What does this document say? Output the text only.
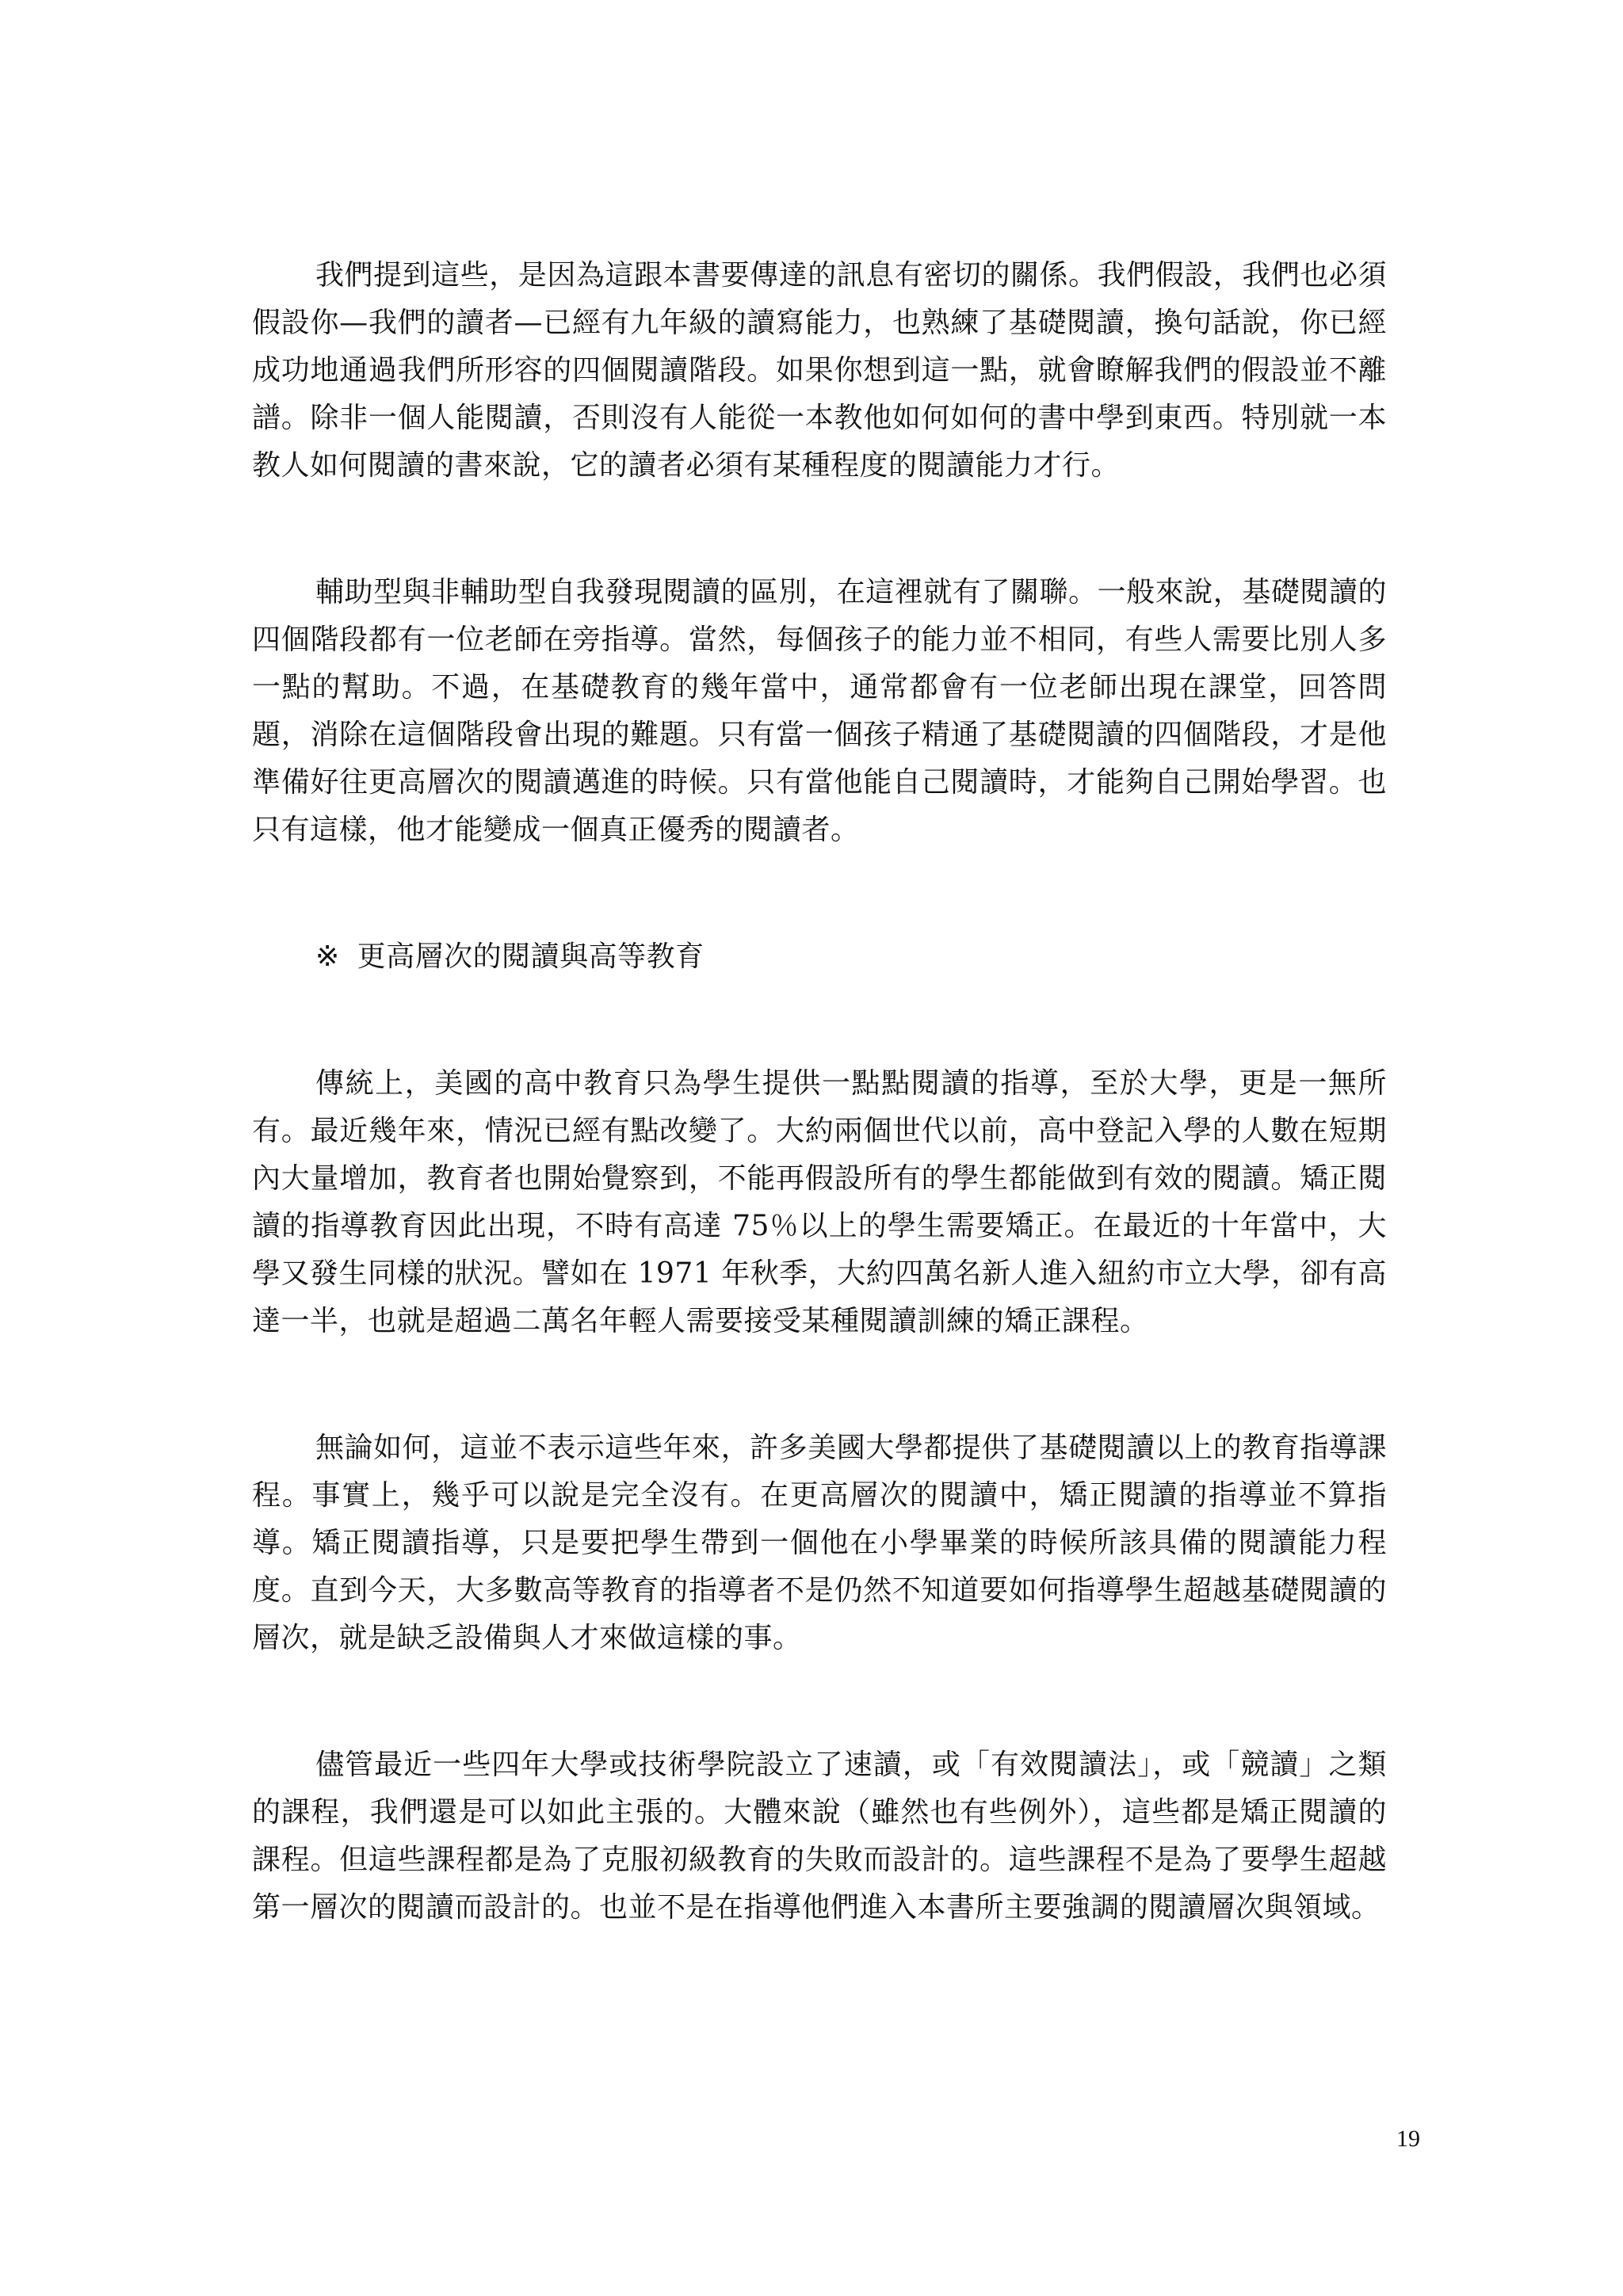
我們提到這些，是因為這跟本書要傳達的訊息有密切的關係。我們假設，我們也必須假設你—我們的讀者—已經有九年級的讀寫能力，也熟練了基礎閱讀，換句話說，你已經成功地通過我們所形容的四個閱讀階段。如果你想到這一點，就會瞭解我們的假設並不離譜。除非一個人能閱讀，否則沒有人能從一本教他如何如何的書中學到東西。特別就一本教人如何閱讀的書來說，它的讀者必須有某種程度的閱讀能力才行。

輔助型與非輔助型自我發現閱讀的區別，在這裡就有了關聯。一般來說，基礎閱讀的四個階段都有一位老師在旁指導。當然，每個孩子的能力並不相同，有些人需要比別人多一點的幫助。不過，在基礎教育的幾年當中，通常都會有一位老師出現在課堂，回答問題，消除在這個階段會出現的難題。只有當一個孩子精通了基礎閱讀的四個階段，才是他準備好往更高層次的閱讀邁進的時候。只有當他能自己閱讀時，才能夠自己開始學習。也只有這樣，他才能變成一個真正優秀的閱讀者。

※ 更高層次的閱讀與高等教育

傳統上，美國的高中教育只為學生提供一點點閱讀的指導，至於大學，更是一無所有。最近幾年來，情況已經有點改變了。大約兩個世代以前，高中登記入學的人數在短期內大量增加，教育者也開始覺察到，不能再假設所有的學生都能做到有效的閱讀。矯正閱讀的指導教育因此出現，不時有高達 75％以上的學生需要矯正。在最近的十年當中，大學又發生同樣的狀況。譬如在 1971 年秋季，大約四萬名新人進入紐約市立大學，卻有高達一半，也就是超過二萬名年輕人需要接受某種閱讀訓練的矯正課程。

無論如何，這並不表示這些年來，許多美國大學都提供了基礎閱讀以上的教育指導課程。事實上，幾乎可以說是完全沒有。在更高層次的閱讀中，矯正閱讀的指導並不算指導。矯正閱讀指導，只是要把學生帶到一個他在小學畢業的時候所該具備的閱讀能力程度。直到今天，大多數高等教育的指導者不是仍然不知道要如何指導學生超越基礎閱讀的層次，就是缺乏設備與人才來做這樣的事。

儘管最近一些四年大學或技術學院設立了速讀，或「有效閱讀法」，或「競讀」之類的課程，我們還是可以如此主張的。大體來說（雖然也有些例外），這些都是矯正閱讀的課程。但這些課程都是為了克服初級教育的失敗而設計的。這些課程不是為了要學生超越第一層次的閱讀而設計的。也並不是在指導他們進入本書所主要強調的閱讀層次與領域。

19
